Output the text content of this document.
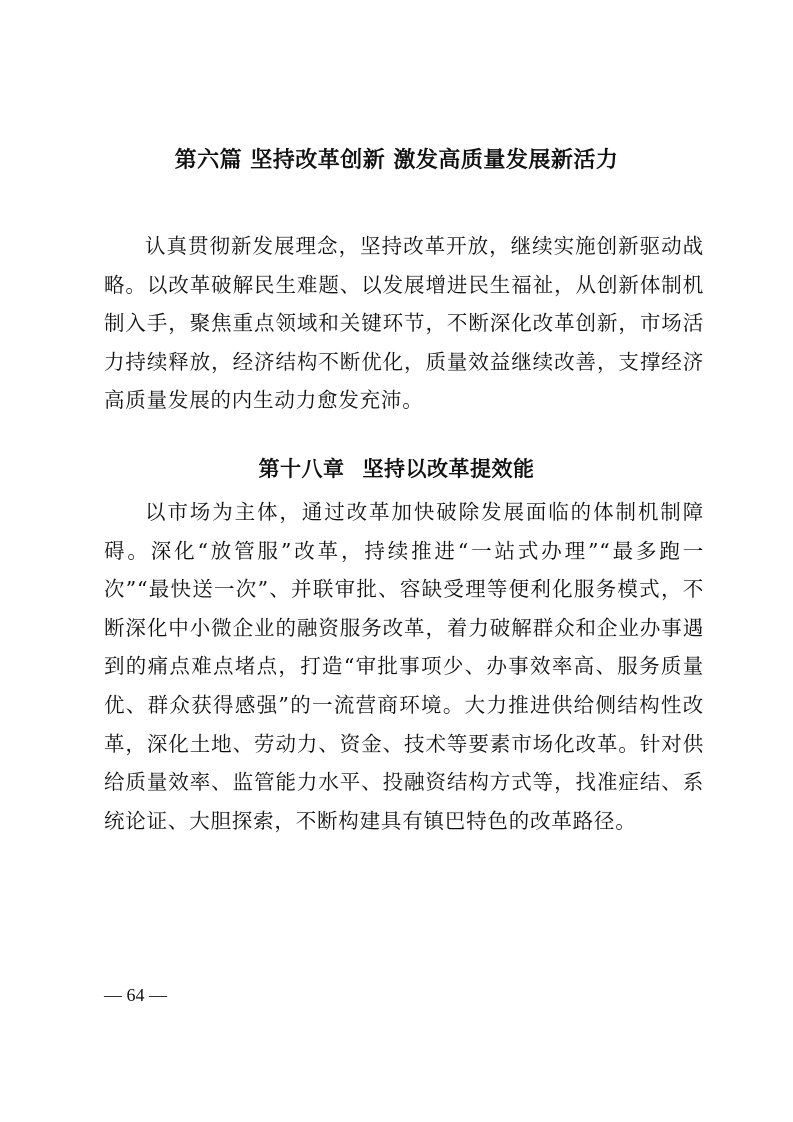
第六篇 坚持改革创新 激发高质量发展新活力

认真贯彻新发展理念，坚持改革开放，继续实施创新驱动战略。以改革破解民生难题、以发展增进民生福祉，从创新体制机制入手，聚焦重点领域和关键环节，不断深化改革创新，市场活力持续释放，经济结构不断优化，质量效益继续改善，支撑经济高质量发展的内生动力愈发充沛。

第十八章 坚持以改革提效能

以市场为主体，通过改革加快破除发展面临的体制机制障碍。深化“放管服”改革，持续推进“一站式办理”“最多跑一次”“最快送一次”、并联审批、容缺受理等便利化服务模式，不断深化中小微企业的融资服务改革，着力破解群众和企业办事遇到的痛点难点堵点，打造“审批事项少、办事效率高、服务质量优、群众获得感强”的一流营商环境。大力推进供给侧结构性改革，深化土地、劳动力、资金、技术等要素市场化改革。针对供给质量效率、监管能力水平、投融资结构方式等，找准症结、系统论证、大胆探索，不断构建具有镇巴特色的改革路径。

— 64 —
